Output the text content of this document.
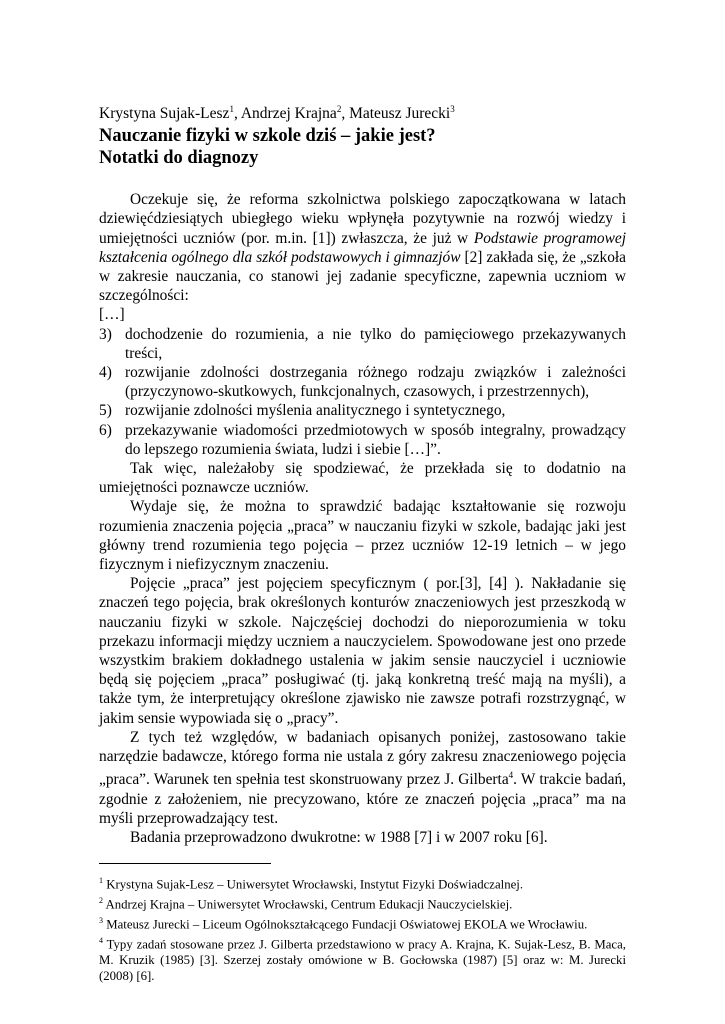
Krystyna Sujak-Lesz$^1$, Andrzej Krajna$^2$, Mateusz Jurecki$^3$
Nauczanie fizyki w szkole dziś – jakie jest?
Notatki do diagnozy

Oczekuje się, że reforma szkolnictwa polskiego zapoczątkowana w latach dziewięćdziesiątych ubiegłego wieku wpłynęła pozytywnie na rozwój wiedzy i umiejętności uczniów (por. m.in. [1]) zwłaszcza, że już w Podstawie programowej kształcenia ogólnego dla szkół podstawowych i gimnazjów [2] zakłada się, że „szkoła w zakresie nauczania, co stanowi jej zadanie specyficzne, zapewnia uczniom w szczególności:

[…]

3) dochodzenie do rozumienia, a nie tylko do pamięciowego przekazywanych treści,
4) rozwijanie zdolności dostrzegania różnego rodzaju związków i zależności (przyczynowo-skutkowych, funkcjonalnych, czasowych, i przestrzennych),
5) rozwijanie zdolności myślenia analitycznego i syntetycznego,
6) przekazywanie wiadomości przedmiotowych w sposób integralny, prowadzący do lepszego rozumienia świata, ludzi i siebie […]”.

Tak więc, należałoby się spodziewać, że przekłada się to dodatnio na umiejętności poznawcze uczniów.

Wydaje się, że można to sprawdzić badając kształtowanie się rozwoju rozumienia znaczenia pojęcia „praca” w nauczaniu fizyki w szkole, badając jaki jest główny trend rozumienia tego pojęcia – przez uczniów 12-19 letnich – w jego fizycznym i niefizycznym znaczeniu.

Pojęcie „praca” jest pojęciem specyficznym ( por.[3], [4] ). Nakładanie się znaczeń tego pojęcia, brak określonych konturów znaczeniowych jest przeszkodą w nauczaniu fizyki w szkole. Najczęściej dochodzi do nieporozumienia w toku przekazu informacji między uczniem a nauczycielem. Spowodowane jest ono przede wszystkim brakiem dokładnego ustalenia w jakim sensie nauczyciel i uczniowie będą się pojęciem „praca” posługiwać (tj. jaką konkretną treść mają na myśli), a także tym, że interpretujący określone zjawisko nie zawsze potrafi rozstrzygnąć, w jakim sensie wypowiada się o „pracy”.

Z tych też względów, w badaniach opisanych poniżej, zastosowano takie narzędzie badawcze, którego forma nie ustala z góry zakresu znaczeniowego pojęcia „praca”. Warunek ten spełnia test skonstruowany przez J. Gilberta$^4$. W trakcie badań, zgodnie z założeniem, nie precyzowano, które ze znaczeń pojęcia „praca” ma na myśli przeprowadzający test.

Badania przeprowadzono dwukrotne: w 1988 [7] i w 2007 roku [6].

$^1$ Krystyna Sujak-Lesz – Uniwersytet Wrocławski, Instytut Fizyki Doświadczalnej.

$^2$ Andrzej Krajna – Uniwersytet Wrocławski, Centrum Edukacji Nauczycielskiej.

$^3$ Mateusz Jurecki – Liceum Ogólnokształcącego Fundacji Oświatowej EKOLA we Wrocławiu.

$^4$ Typy zadań stosowane przez J. Gilberta przedstawiono w pracy A. Krajna, K. Sujak-Lesz, B. Maca, M. Kruzik (1985) [3]. Szerzej zostały omówione w B. Gocłowska (1987) [5] oraz w: M. Jurecki (2008) [6].
